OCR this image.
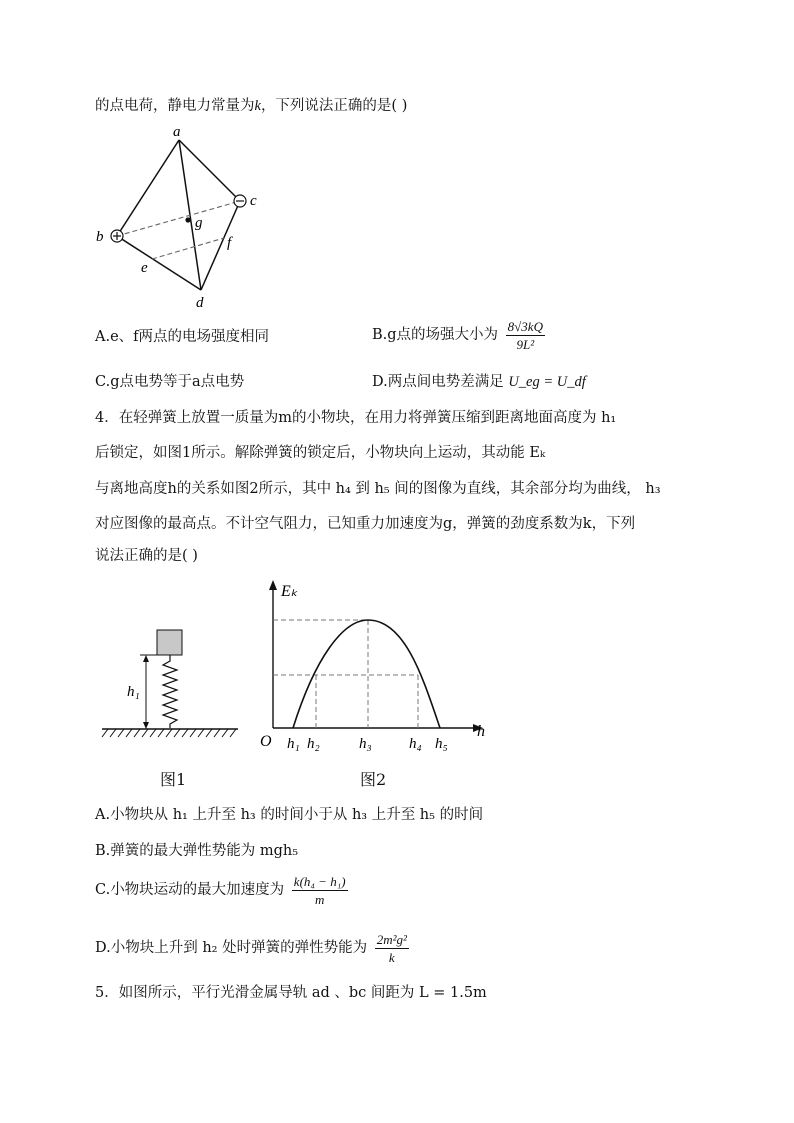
的点电荷，静电力常量为k，下列说法正确的是( )
a
b
c
d
e
f
g
A.e、f两点的电场强度相同	B.g点的场强大小为 $\frac{8√3kQ}{\text{9L²}}$
C.g点电势等于a点电势	D.两点间电势差满足 U_eg = U_df
4．在轻弹簧上放置一质量为m的小物块，在用力将弹簧压缩到距离地面高度为 h₁
后锁定，如图1所示。解除弹簧的锁定后，小物块向上运动，其动能 Eₖ
与离地高度h的关系如图2所示，其中 h₄ 到 h₅ 间的图像为直线，其余部分均为曲线， h₃
对应图像的最高点。不计空气阻力，已知重力加速度为g，弹簧的劲度系数为k，下列
说法正确的是( )
h₁
图1
Eₖ
h
O h₁ h₂	h₃ h₄ h₅
图2
A.小物块从 h₁ 上升至 h₃ 的时间小于从 h₃ 上升至 h₅ 的时间
B.弹簧的最大弹性势能为 mgh₅
C.小物块运动的最大加速度为 $\frac{\text{k(h₄ − h₁)}}{m}$
D.小物块上升到 h₂ 处时弹簧的弹性势能为 $\frac{\text{2m²g²}}{k}$
5．如图所示，平行光滑金属导轨 ad 、bc 间距为 L = 1.5m
